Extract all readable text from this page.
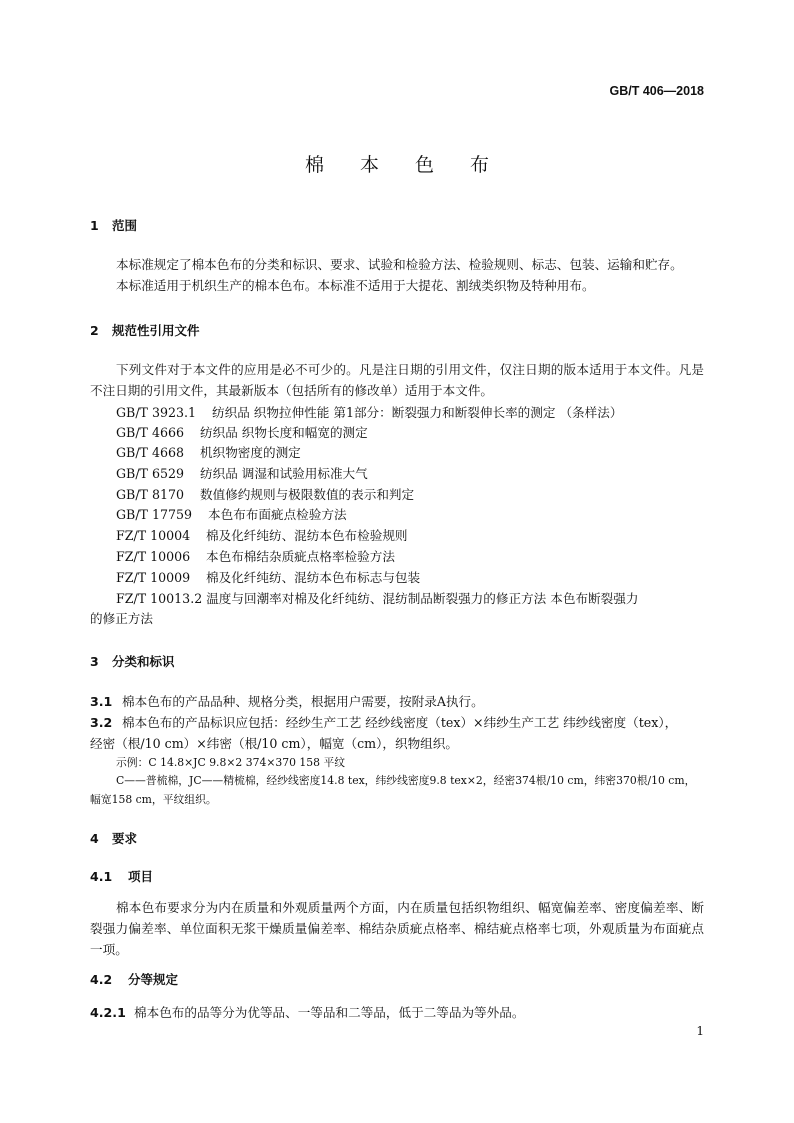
GB/T 406—2018
棉 本 色 布
1 范围

本标准规定了棉本色布的分类和标识、要求、试验和检验方法、检验规则、标志、包装、运输和贮存。

本标准适用于机织生产的棉本色布。本标准不适用于大提花、割绒类织物及特种用布。

2 规范性引用文件

下列文件对于本文件的应用是必不可少的。凡是注日期的引用文件，仅注日期的版本适用于本文件。凡是不注日期的引用文件，其最新版本（包括所有的修改单）适用于本文件。

GB/T 3923.1 纺织品 织物拉伸性能 第1部分：断裂强力和断裂伸长率的测定 （条样法）
GB/T 4666 纺织品 织物长度和幅宽的测定
GB/T 4668 机织物密度的测定
GB/T 6529 纺织品 调湿和试验用标准大气
GB/T 8170 数值修约规则与极限数值的表示和判定
GB/T 17759 本色布布面疵点检验方法
FZ/T 10004 棉及化纤纯纺、混纺本色布检验规则
FZ/T 10006 本色布棉结杂质疵点格率检验方法
FZ/T 10009 棉及化纤纯纺、混纺本色布标志与包装
FZ/T 10013.2 温度与回潮率对棉及化纤纯纺、混纺制品断裂强力的修正方法 本色布断裂强力
的修正方法
3 分类和标识
3.1 棉本色布的产品品种、规格分类，根据用户需要，按附录A执行。
3.2 棉本色布的产品标识应包括：经纱生产工艺 经纱线密度（tex）×纬纱生产工艺 纬纱线密度（tex），
经密（根/10 cm）×纬密（根/10 cm），幅宽（cm），织物组织。

示例：C 14.8×JC 9.8×2 374×370 158 平纹

C——普梳棉，JC——精梳棉，经纱线密度14.8 tex，纬纱线密度9.8 tex×2，经密374根/10 cm，纬密370根/10 cm，幅宽158 cm，平纹组织。

4 要求
4.1 项目

棉本色布要求分为内在质量和外观质量两个方面，内在质量包括织物组织、幅宽偏差率、密度偏差率、断裂强力偏差率、单位面积无浆干燥质量偏差率、棉结杂质疵点格率、棉结疵点格率七项，外观质量为布面疵点一项。

4.2 分等规定
4.2.1 棉本色布的品等分为优等品、一等品和二等品，低于二等品为等外品。
1
